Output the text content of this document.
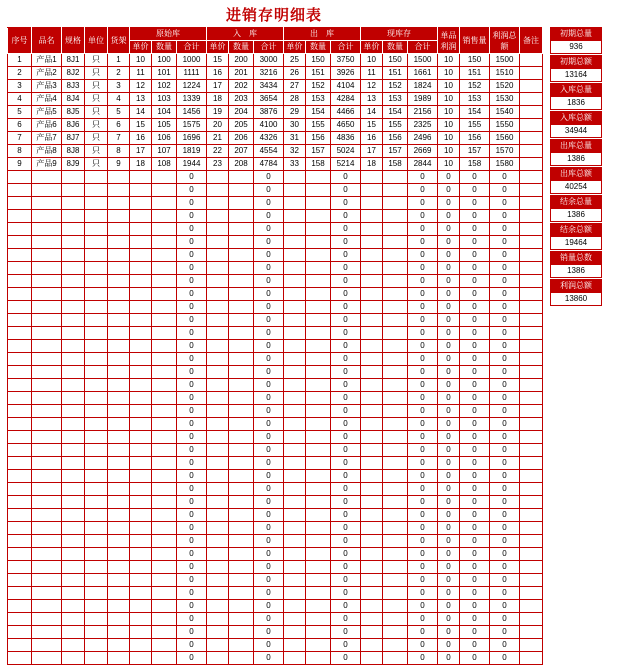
进销存明细表
序号	品名	规格	单位	货架	原始库			入　库			出　库			现库存			单品利润	销售量	利润总额	备注
					单价	数量	合计	单价	数量	合计	单价	数量	合计	单价	数量	合计				
1	产品1	8J1	只	1	10	100	1000	15	200	3000	25	150	3750	10	150	1500	10	150	1500	
2	产品2	8J2	只	2	11	101	1111	16	201	3216	26	151	3926	11	151	1661	10	151	1510	
3	产品3	8J3	只	3	12	102	1224	17	202	3434	27	152	4104	12	152	1824	10	152	1520	
4	产品4	8J4	只	4	13	103	1339	18	203	3654	28	153	4284	13	153	1989	10	153	1530	
5	产品5	8J5	只	5	14	104	1456	19	204	3876	29	154	4466	14	154	2156	10	154	1540	
6	产品6	8J6	只	6	15	105	1575	20	205	4100	30	155	4650	15	155	2325	10	155	1550	
7	产品7	8J7	只	7	16	106	1696	21	206	4326	31	156	4836	16	156	2496	10	156	1560	
8	产品8	8J8	只	8	17	107	1819	22	207	4554	32	157	5024	17	157	2669	10	157	1570	
9	产品9	8J9	只	9	18	108	1944	23	208	4784	33	158	5214	18	158	2844	10	158	1580	
							0			0			0			0	0	0	0	
							0			0			0			0	0	0	0	
							0			0			0			0	0	0	0	
							0			0			0			0	0	0	0	
							0			0			0			0	0	0	0	
							0			0			0			0	0	0	0	
							0			0			0			0	0	0	0	
							0			0			0			0	0	0	0	
							0			0			0			0	0	0	0	
							0			0			0			0	0	0	0	
							0			0			0			0	0	0	0	
							0			0			0			0	0	0	0	
							0			0			0			0	0	0	0	
							0			0			0			0	0	0	0	
							0			0			0			0	0	0	0	
							0			0			0			0	0	0	0	
							0			0			0			0	0	0	0	
							0			0			0			0	0	0	0	
							0			0			0			0	0	0	0	
							0			0			0			0	0	0	0	
							0			0			0			0	0	0	0	
							0			0			0			0	0	0	0	
							0			0			0			0	0	0	0	
							0			0			0			0	0	0	0	
							0			0			0			0	0	0	0	
							0			0			0			0	0	0	0	
							0			0			0			0	0	0	0	
							0			0			0			0	0	0	0	
							0			0			0			0	0	0	0	
							0			0			0			0	0	0	0	
							0			0			0			0	0	0	0	
							0			0			0			0	0	0	0	
							0			0			0			0	0	0	0	
							0			0			0			0	0	0	0	
							0			0			0			0	0	0	0	
							0			0			0			0	0	0	0	
							0			0			0			0	0	0	0	
							0			0			0			0	0	0	0	
初期总量
936
初期总额
13164
入库总量
1836
入库总额
34944
出库总量
1386
出库总额
40254
结余总量
1386
结余总额
19464
销量总数
1386
利润总额
13860
